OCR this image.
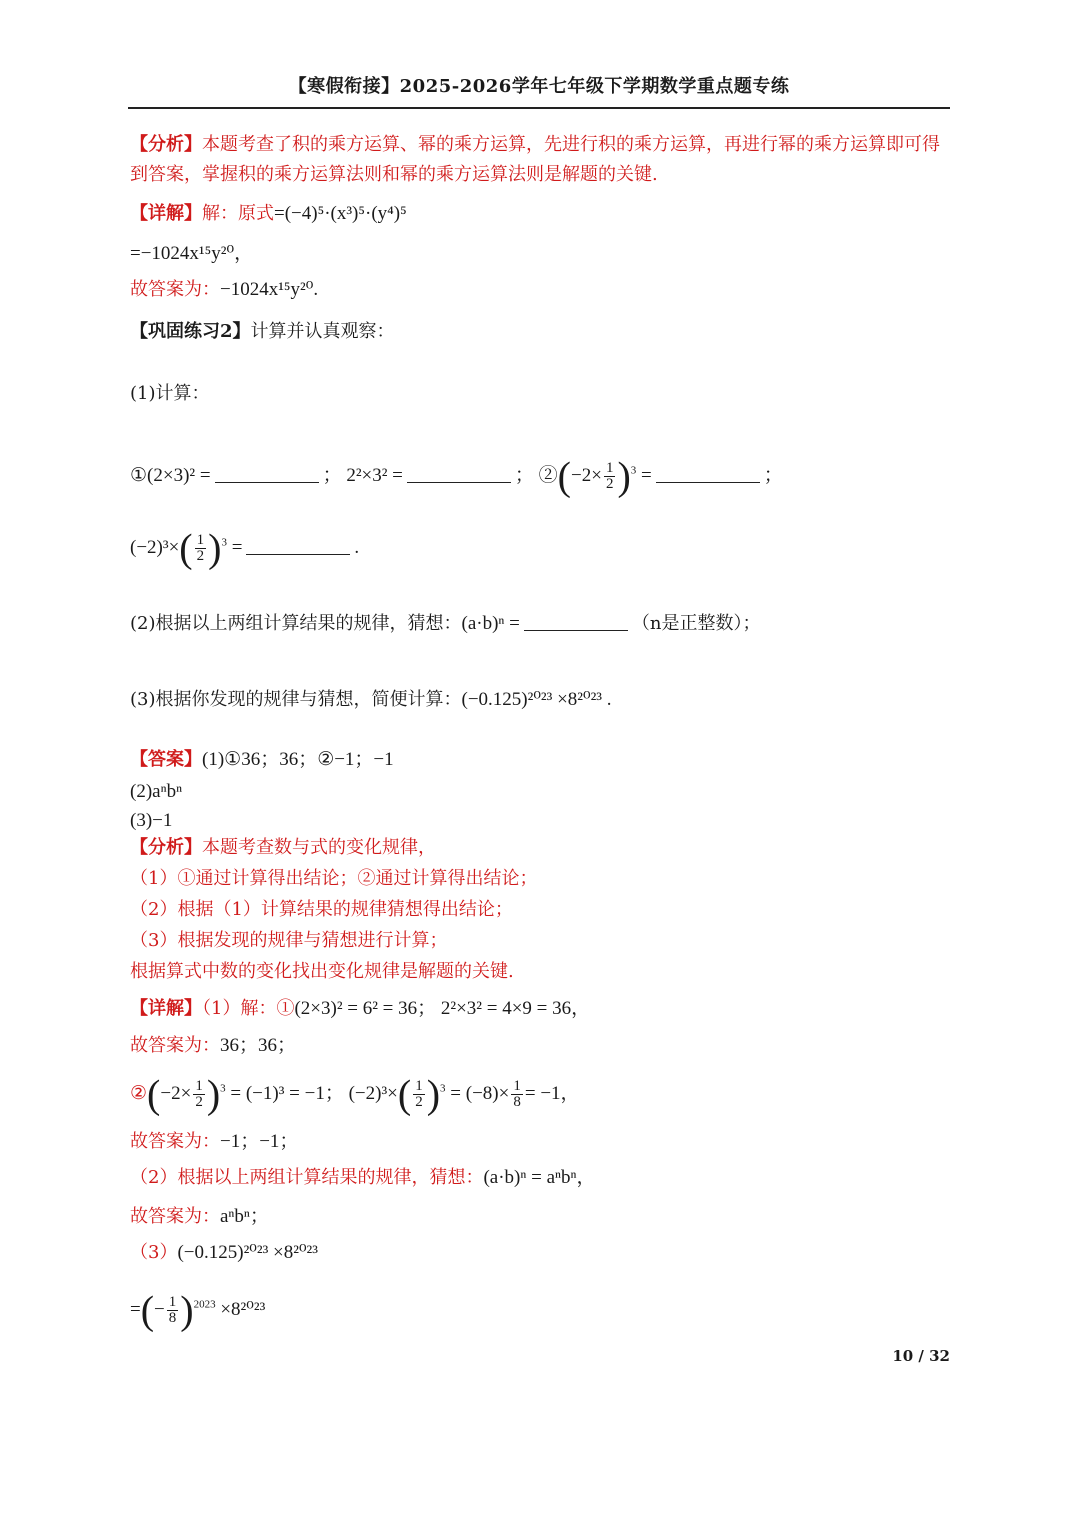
【寒假衔接】2025-2026学年七年级下学期数学重点题专练
【分析】本题考查了积的乘方运算、幂的乘方运算，先进行积的乘方运算，再进行幂的乘方运算即可得到答案，掌握积的乘方运算法则和幂的乘方运算法则是解题的关键.
【详解】解：原式=(−4)⁵·(x³)⁵·(y⁴)⁵
=−1024x¹⁵y²⁰，
故答案为：−1024x¹⁵y²⁰.
【巩固练习2】计算并认真观察：
(1)计算：
①(2×3)² =	； 2²×3² =	； ②(−2× $\frac{1}{2} )^3$ =	；
$(-2)^3\times( \frac{1}{2} )^3$ =	.
(2)根据以上两组计算结果的规律，猜想：(a·b)ⁿ =	（n是正整数）；
(3)根据你发现的规律与猜想，简便计算：(−0.125)²⁰²³ ×8²⁰²³ .
【答案】(1)①36；36；②−1；−1
(2)aⁿbⁿ
(3)−1
【分析】本题考查数与式的变化规律，
（1）①通过计算得出结论；②通过计算得出结论；
（2）根据（1）计算结果的规律猜想得出结论；
（3）根据发现的规律与猜想进行计算；
根据算式中数的变化找出变化规律是解题的关键.
【详解】（1）解：①(2×3)² = 6² = 36； 2²×3² = 4×9 = 36，
故答案为：36；36；
②(−2× $\frac{1}{2} )^3 = (-1)^3 = -1$； $(-2)^3\times( \frac{1}{2} )^3 = (-8)\times \frac{1}{8} = -1$，
故答案为：−1；−1；
（2）根据以上两组计算结果的规律，猜想：(a·b)ⁿ = aⁿbⁿ，
故答案为：aⁿbⁿ；
（3）(−0.125)²⁰²³ ×8²⁰²³
=(− $\frac{1}{8} )^{2023} \times 8^{2023}$
10 / 32
